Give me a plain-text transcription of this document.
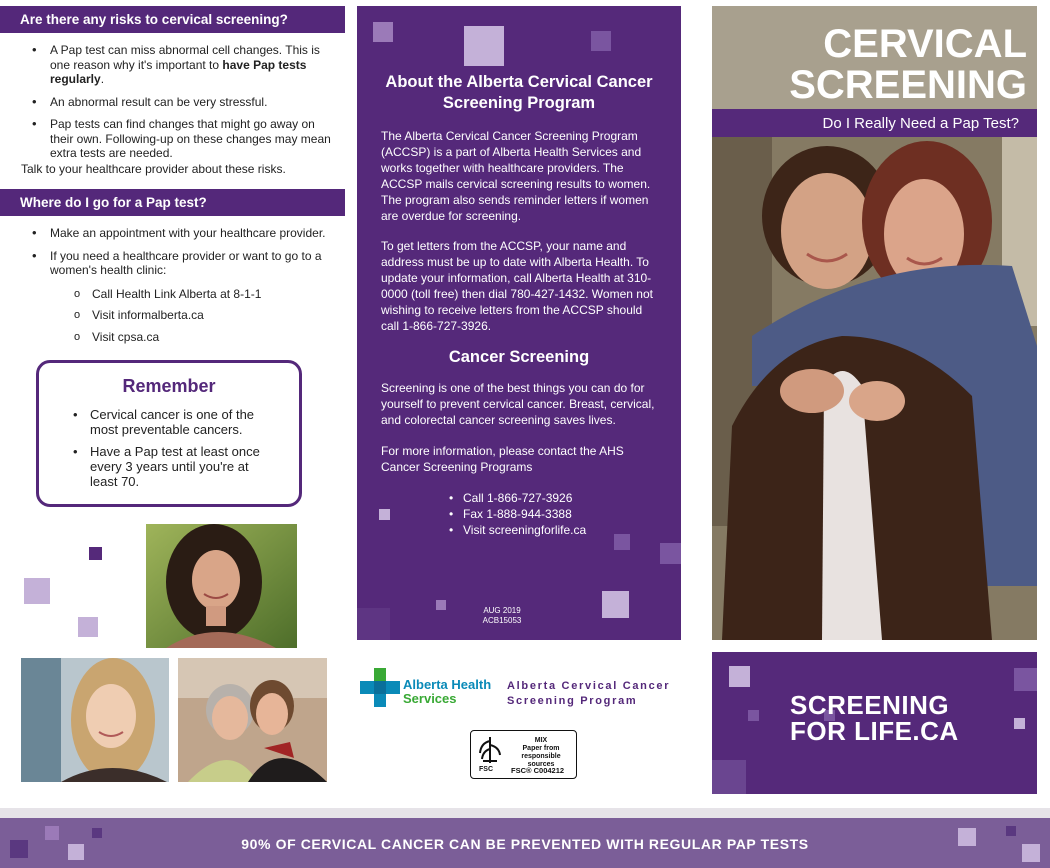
Are there any risks to cervical screening?
• A Pap test can miss abnormal cell changes. This is one reason why it's important to have Pap tests regularly.
• An abnormal result can be very stressful.
• Pap tests can find changes that might go away on their own. Following-up on these changes may mean extra tests are needed.
Talk to your healthcare provider about these risks.
Where do I go for a Pap test?
• Make an appointment with your healthcare provider.
• If you need a healthcare provider or want to go to a women's health clinic:
o Call Health Link Alberta at 8-1-1
o Visit informalberta.ca
o Visit cpsa.ca
Remember
• Cervical cancer is one of the most preventable cancers.
• Have a Pap test at least once every 3 years until you're at least 70.
About the Alberta Cervical Cancer Screening Program
The Alberta Cervical Cancer Screening Program (ACCSP) is a part of Alberta Health Services and works together with healthcare providers. The ACCSP mails cervical screening results to women. The program also sends reminder letters if women are overdue for screening.
To get letters from the ACCSP, your name and address must be up to date with Alberta Health. To update your information, call Alberta Health at 310-0000 (toll free) then dial 780-427-1432. Women not wishing to receive letters from the ACCSP should call 1-866-727-3926.
Cancer Screening
Screening is one of the best things you can do for yourself to prevent cervical cancer. Breast, cervical, and colorectal cancer screening saves lives.
For more information, please contact the AHS Cancer Screening Programs
• Call 1-866-727-3926
• Fax 1-888-944-3388
• Visit screeningforlife.ca
AUG 2019
ACB15053
Alberta Health
Services
Alberta Cervical Cancer
Screening Program
FSC
MIX
Paper from responsible sources
FSC® C004212
CERVICAL
SCREENING
Do I Really Need a Pap Test?
SCREENING
FOR LIFE.CA
90% OF CERVICAL CANCER CAN BE PREVENTED WITH REGULAR PAP TESTS
